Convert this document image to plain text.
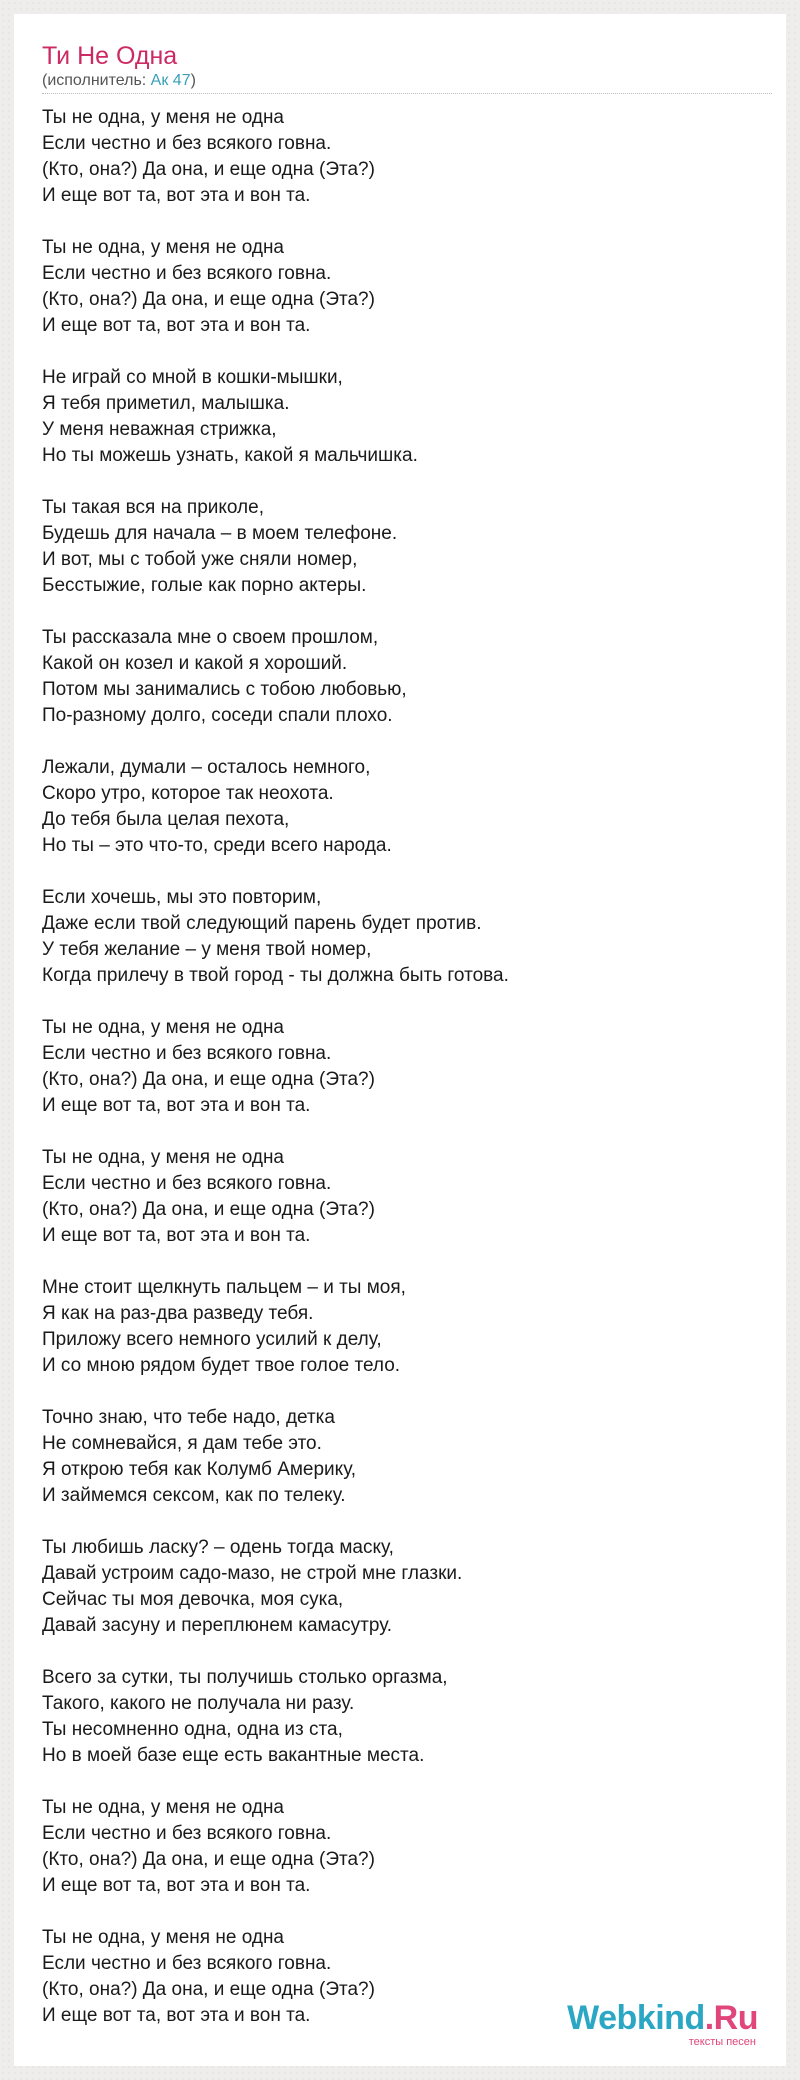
Ти Не Одна
(исполнитель: Ак 47)
Ты не одна, у меня не одна
Если честно и без всякого говна.
(Кто, она?) Да она, и еще одна (Эта?)
И еще вот та, вот эта и вон та.
Ты не одна, у меня не одна
Если честно и без всякого говна.
(Кто, она?) Да она, и еще одна (Эта?)
И еще вот та, вот эта и вон та.
Не играй со мной в кошки-мышки,
Я тебя приметил, малышка.
У меня неважная стрижка,
Но ты можешь узнать, какой я мальчишка.
Ты такая вся на приколе,
Будешь для начала – в моем телефоне.
И вот, мы с тобой уже сняли номер,
Бесстыжие, голые как порно актеры.
Ты рассказала мне о своем прошлом,
Какой он козел и какой я хороший.
Потом мы занимались с тобою любовью,
По-разному долго, соседи спали плохо.
Лежали, думали – осталось немного,
Скоро утро, которое так неохота.
До тебя была целая пехота,
Но ты – это что-то, среди всего народа.
Если хочешь, мы это повторим,
Даже если твой следующий парень будет против.
У тебя желание – у меня твой номер,
Когда прилечу в твой город - ты должна быть готова.
Ты не одна, у меня не одна
Если честно и без всякого говна.
(Кто, она?) Да она, и еще одна (Эта?)
И еще вот та, вот эта и вон та.
Ты не одна, у меня не одна
Если честно и без всякого говна.
(Кто, она?) Да она, и еще одна (Эта?)
И еще вот та, вот эта и вон та.
Мне стоит щелкнуть пальцем – и ты моя,
Я как на раз-два разведу тебя.
Приложу всего немного усилий к делу,
И со мною рядом будет твое голое тело.
Точно знаю, что тебе надо, детка
Не сомневайся, я дам тебе это.
Я открою тебя как Колумб Америку,
И займемся сексом, как по телеку.
Ты любишь ласку? – одень тогда маску,
Давай устроим садо-мазо, не строй мне глазки.
Сейчас ты моя девочка, моя сука,
Давай засуну и переплюнем камасутру.
Всего за сутки, ты получишь столько оргазма,
Такого, какого не получала ни разу.
Ты несомненно одна, одна из ста,
Но в моей базе еще есть вакантные места.
Ты не одна, у меня не одна
Если честно и без всякого говна.
(Кто, она?) Да она, и еще одна (Эта?)
И еще вот та, вот эта и вон та.
Ты не одна, у меня не одна
Если честно и без всякого говна.
(Кто, она?) Да она, и еще одна (Эта?)
И еще вот та, вот эта и вон та.	Webkind.Ru
тексты песен
